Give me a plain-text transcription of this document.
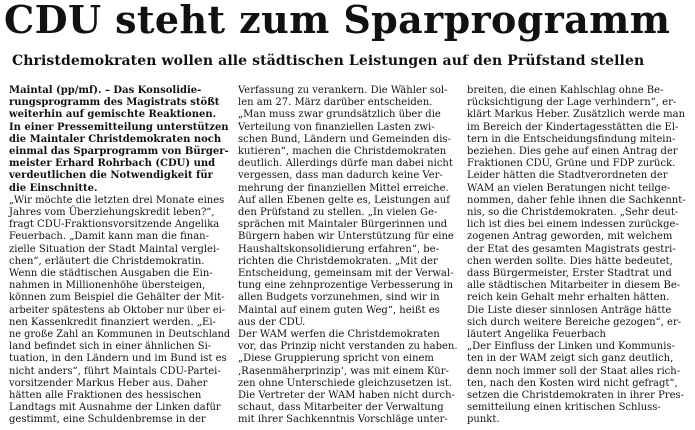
CDU steht zum Sparprogramm
Christdemokraten wollen alle städtischen Leistungen auf den Prüfstand stellen
Maintal (pp/mf). – Das Konsolidie-
rungsprogramm des Magistrats stößt
weiterhin auf gemischte Reaktionen.
In einer Pressemitteilung unterstützen
die Maintaler Christdemokraten noch
einmal das Sparprogramm von Bürger-
meister Erhard Rohrbach (CDU) und
verdeutlichen die Notwendigkeit für
die Einschnitte.
„Wir möchte die letzten drei Monate eines
Jahres vom Überziehungskredit leben?“,
fragt CDU-Fraktionsvorsitzende Angelika
Feuerbach. „Damit kann man die finan-
zielle Situation der Stadt Maintal verglei-
chen“, erläutert die Christdemokratin.
Wenn die städtischen Ausgaben die Ein-
nahmen in Millionenhöhe übersteigen,
können zum Beispiel die Gehälter der Mit-
arbeiter spätestens ab Oktober nur über ei-
nen Kassenkredit finanziert werden. „Ei-
ne große Zahl an Kommunen in Deutschland
land befindet sich in einer ähnlichen Si-
tuation, in den Ländern und im Bund ist es
nicht anders“, führt Maintals CDU-Partei-
vorsitzender Markus Heber aus. Daher
hätten alle Fraktionen des hessischen
Landtags mit Ausnahme der Linken dafür
gestimmt, eine Schuldenbremse in der
Verfassung zu verankern. Die Wähler sol-
len am 27. März darüber entscheiden.
„Man muss zwar grundsätzlich über die
Verteilung von finanziellen Lasten zwi-
schen Bund, Ländern und Gemeinden dis-
kutieren“, machen die Christdemokraten
deutlich. Allerdings dürfe man dabei nicht
vergessen, dass man dadurch keine Ver-
mehrung der finanziellen Mittel erreiche.
Auf allen Ebenen gelte es, Leistungen auf
den Prüfstand zu stellen. „In vielen Ge-
sprächen mit Maintaler Bürgerinnen und
Bürgern haben wir Unterstützung für eine
Haushaltskonsolidierung erfahren“, be-
richten die Christdemokraten. „Mit der
Entscheidung, gemeinsam mit der Verwal-
tung eine zehnprozentige Verbesserung in
allen Budgets vorzunehmen, sind wir in
Maintal auf einem guten Weg“, heißt es
aus der CDU.
Der WAM werfen die Christdemokraten
vor, das Prinzip nicht verstanden zu haben.
„Diese Gruppierung spricht von einem
‚Rasenmäherprinzip‘, was mit einem Kür-
zen ohne Unterschiede gleichzusetzen ist.
Die Vertreter der WAM haben nicht durch-
schaut, dass Mitarbeiter der Verwaltung
mit ihrer Sachkenntnis Vorschläge unter-
breiten, die einen Kahlschlag ohne Be-
rücksichtigung der Lage verhindern“, er-
klärt Markus Heber. Zusätzlich werde man
im Bereich der Kindertagesstätten die El-
tern in die Entscheidungsfindung mitein-
beziehen. Dies gehe auf einen Antrag der
Fraktionen CDU, Grüne und FDP zurück.
Leider hätten die Stadtverordneten der
WAM an vielen Beratungen nicht teilge-
nommen, daher fehle ihnen die Sachkennt-
nis, so die Christdemokraten. „Sehr deut-
lich ist dies bei einem indessen zurückge-
zogenen Antrag geworden, mit welchem
der Etat des gesamten Magistrats gestri-
chen werden sollte. Dies hätte bedeutet,
dass Bürgermeister, Erster Stadtrat und
alle städtischen Mitarbeiter in diesem Be-
reich kein Gehalt mehr erhalten hätten.
Die Liste dieser sinnlosen Anträge hätte
sich durch weitere Bereiche gezogen“, er-
läutert Angelika Feuerbach
„Der Einfluss der Linken und Kommunis-
ten in der WAM zeigt sich ganz deutlich,
denn noch immer soll der Staat alles rich-
ten, nach den Kosten wird nicht gefragt“,
setzen die Christdemokraten in ihrer Pres-
semitteilung einen kritischen Schluss-
punkt.
